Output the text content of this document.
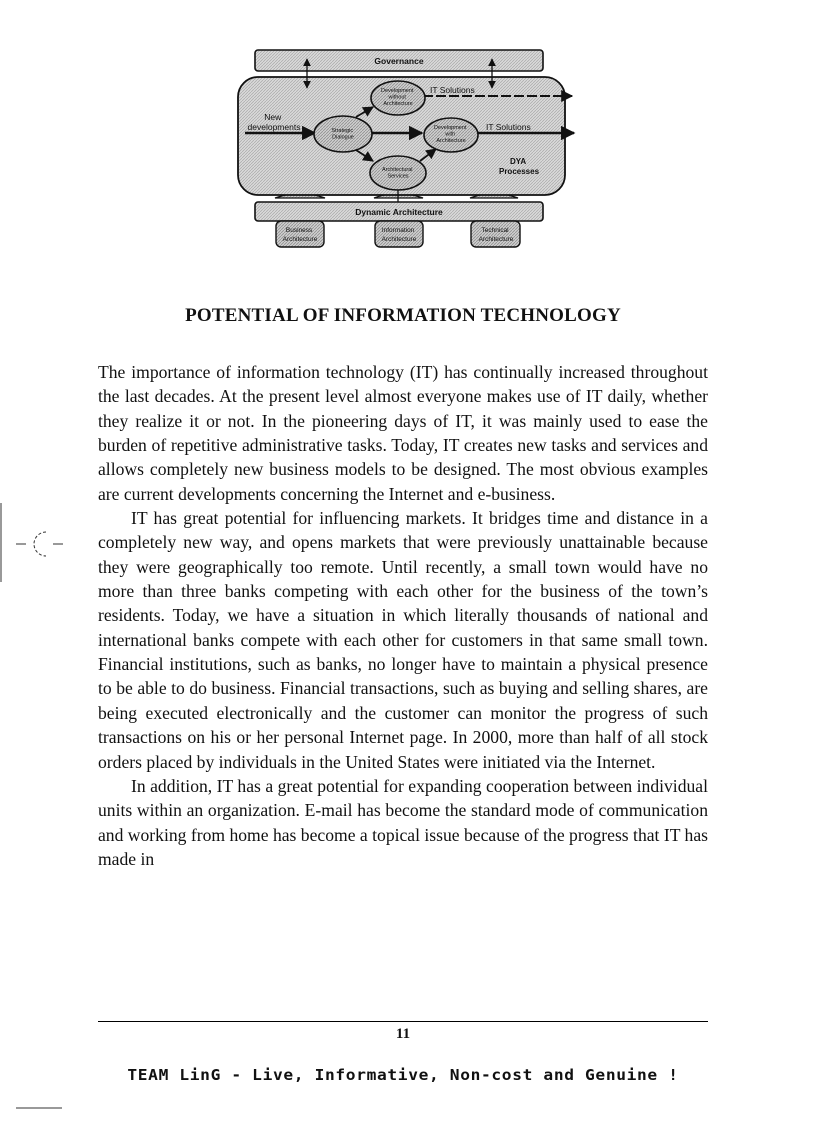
Governance
New developments
Development without Architecture
Strategic Dialogue
Development with Architecture
Architectural Services
IT Solutions
IT Solutions
DYA Processes
Dynamic Architecture
Business Architecture
Information Architecture
Technical Architecture
POTENTIAL OF INFORMATION TECHNOLOGY

The importance of information technology (IT) has continually increased throughout the last decades. At the present level almost everyone makes use of IT daily, whether they realize it or not. In the pioneering days of IT, it was mainly used to ease the burden of repetitive administrative tasks. Today, IT creates new tasks and services and allows completely new business models to be designed. The most obvious examples are current developments concerning the Internet and e-business.

IT has great potential for influencing markets. It bridges time and distance in a completely new way, and opens markets that were previously unattainable because they were geographically too remote. Until recently, a small town would have no more than three banks competing with each other for the business of the town’s residents. Today, we have a situation in which literally thousands of national and international banks compete with each other for customers in that same small town. Financial institutions, such as banks, no longer have to maintain a physical presence to be able to do business. Financial transactions, such as buying and selling shares, are being executed electronically and the customer can monitor the progress of such transactions on his or her personal Internet page. In 2000, more than half of all stock orders placed by individuals in the United States were initiated via the Internet.

In addition, IT has a great potential for expanding cooperation between individual units within an organization. E-mail has become the standard mode of communication and working from home has become a topical issue because of the progress that IT has made in

11
TEAM LinG - Live, Informative, Non-cost and Genuine !
